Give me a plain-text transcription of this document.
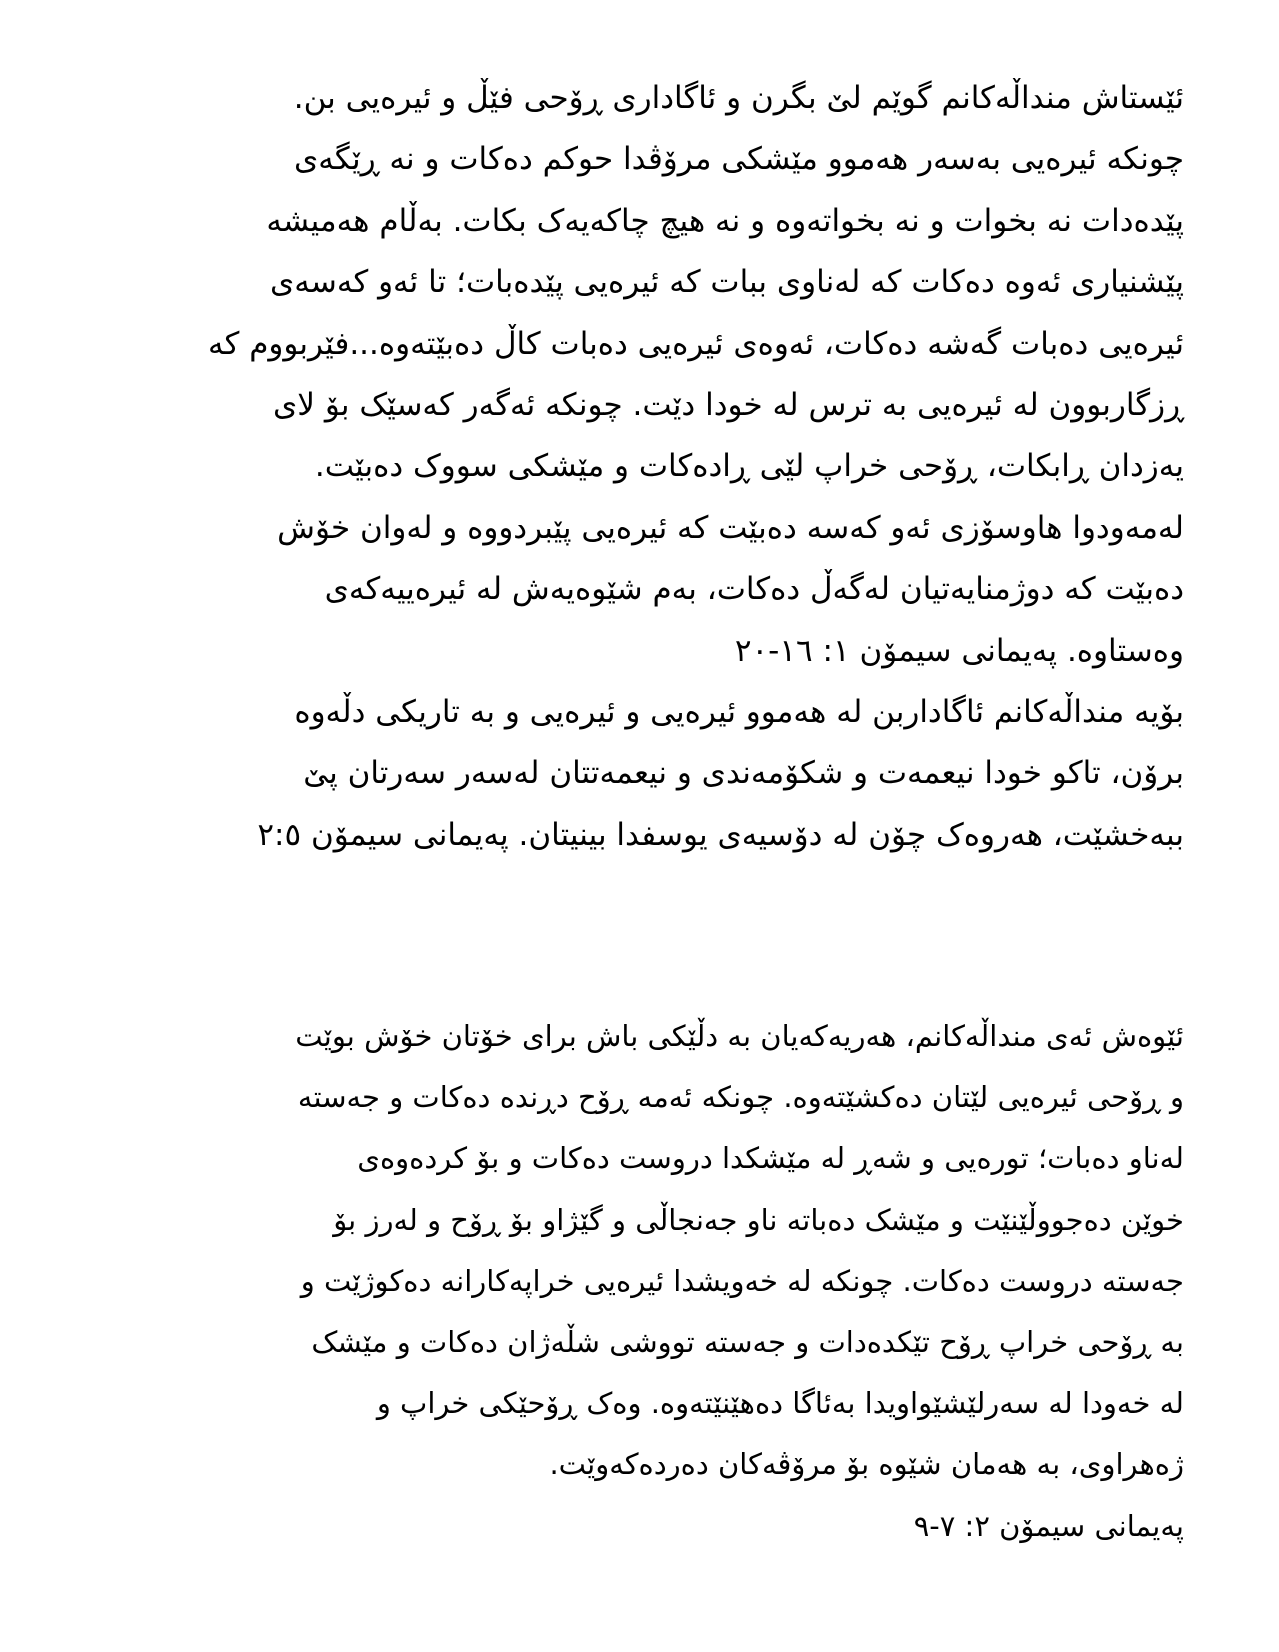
ئێستاش منداڵەکانم گوێم لێ بگرن و ئاگاداری ڕۆحی فێڵ و ئیرەیی بن.
چونکە ئیرەیی بەسەر هەموو مێشکی مرۆڤدا حوکم دەکات و نە ڕێگەی
پێدەدات نە بخوات و نە بخواتەوە و نە هیچ چاکەیەک بکات. بەڵام هەمیشە
پێشنیاری ئەوە دەکات کە لەناوی ببات کە ئیرەیی پێدەبات؛ تا ئەو کەسەی
ئیرەیی دەبات گەشە دەکات، ئەوەی ئیرەیی دەبات کاڵ دەبێتەوە...فێربووم کە
ڕزگاربوون لە ئیرەیی بە ترس لە خودا دێت. چونکە ئەگەر کەسێک بۆ لای
یەزدان ڕابکات، ڕۆحی خراپ لێی ڕادەکات و مێشکی سووک دەبێت.
لەمەودوا هاوسۆزی ئەو کەسە دەبێت کە ئیرەیی پێبردووە و لەوان خۆش
دەبێت کە دوژمنایەتیان لەگەڵ دەکات، بەم شێوەیەش لە ئیرەییەکەی
وەستاوە. پەیمانی سیمۆن ١: ١٦-٢٠
بۆیە منداڵەکانم ئاگاداربن لە هەموو ئیرەیی و ئیرەیی و بە تاریکی دڵەوە
برۆن، تاکو خودا نیعمەت و شکۆمەندی و نیعمەتتان لەسەر سەرتان پێ
ببەخشێت، هەروەک چۆن لە دۆسیەی یوسفدا بینیتان. پەیمانی سیمۆن ٢:٥
ئێوەش ئەی منداڵەکانم، هەریەکەیان بە دڵێکی باش برای خۆتان خۆش بوێت
و ڕۆحی ئیرەیی لێتان دەکشێتەوە. چونکە ئەمە ڕۆح دڕندە دەکات و جەستە
لەناو دەبات؛ تورەیی و شەڕ لە مێشکدا دروست دەکات و بۆ کردەوەی
خوێن دەجووڵێنێت و مێشک دەباتە ناو جەنجاڵی و گێژاو بۆ ڕۆح و لەرز بۆ
جەستە دروست دەکات. چونکە لە خەویشدا ئیرەیی خراپەکارانە دەکوژێت و
بە ڕۆحی خراپ ڕۆح تێکدەدات و جەستە تووشی شڵەژان دەکات و مێشک
لە خەودا لە سەرلێشێواویدا بەئاگا دەهێنێتەوە. وەک ڕۆحێکی خراپ و
ژەهراوی، بە هەمان شێوە بۆ مرۆڤەکان دەردەکەوێت.
پەیمانی سیمۆن ٢: ٧-٩
